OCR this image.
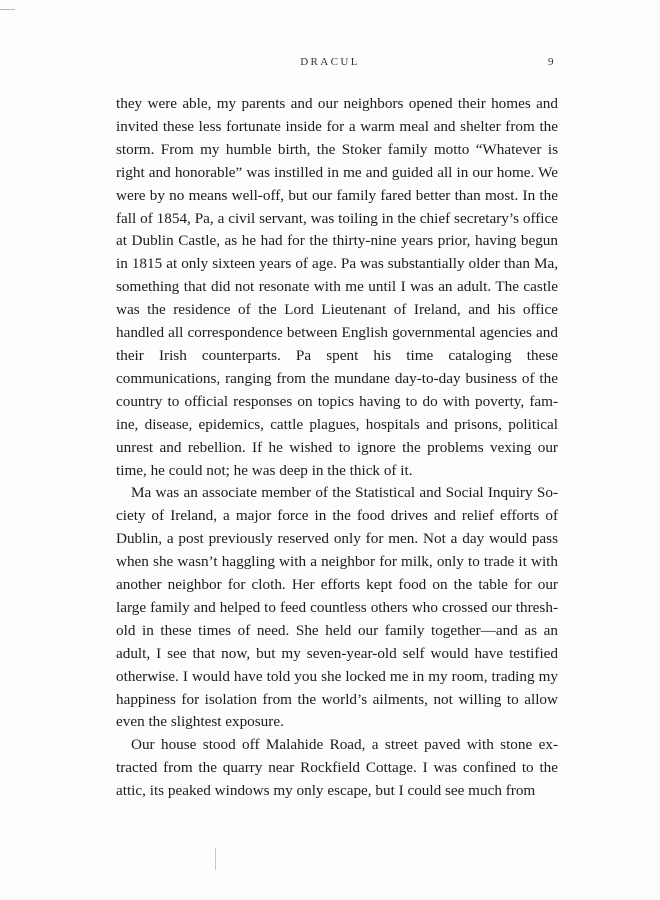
DRACUL	9

they were able, my parents and our neighbors opened their homes and invited these less fortunate inside for a warm meal and shelter from the storm. From my humble birth, the Stoker family motto “Whatever is right and honorable” was instilled in me and guided all in our home. We were by no means well-off, but our family fared better than most. In the fall of 1854, Pa, a civil servant, was toiling in the chief secretary’s office at Dublin Castle, as he had for the thirty-nine years prior, having begun in 1815 at only sixteen years of age. Pa was substantially older than Ma, something that did not resonate with me until I was an adult. The castle was the residence of the Lord Lieutenant of Ireland, and his office handled all correspondence between English governmental agencies and their Irish counterparts. Pa spent his time cataloging these communications, ranging from the mundane day-to-day business of the country to official responses on topics having to do with poverty, famine, disease, epidemics, cattle plagues, hospitals and prisons, political unrest and rebellion. If he wished to ignore the problems vexing our time, he could not; he was deep in the thick of it.

Ma was an associate member of the Statistical and Social Inquiry Society of Ireland, a major force in the food drives and relief efforts of Dublin, a post previously reserved only for men. Not a day would pass when she wasn’t haggling with a neighbor for milk, only to trade it with another neighbor for cloth. Her efforts kept food on the table for our large family and helped to feed countless others who crossed our threshold in these times of need. She held our family together—and as an adult, I see that now, but my seven-year-old self would have testified otherwise. I would have told you she locked me in my room, trading my happiness for isolation from the world’s ailments, not willing to allow even the slightest exposure.

Our house stood off Malahide Road, a street paved with stone extracted from the quarry near Rockfield Cottage. I was confined to the attic, its peaked windows my only escape, but I could see much from
